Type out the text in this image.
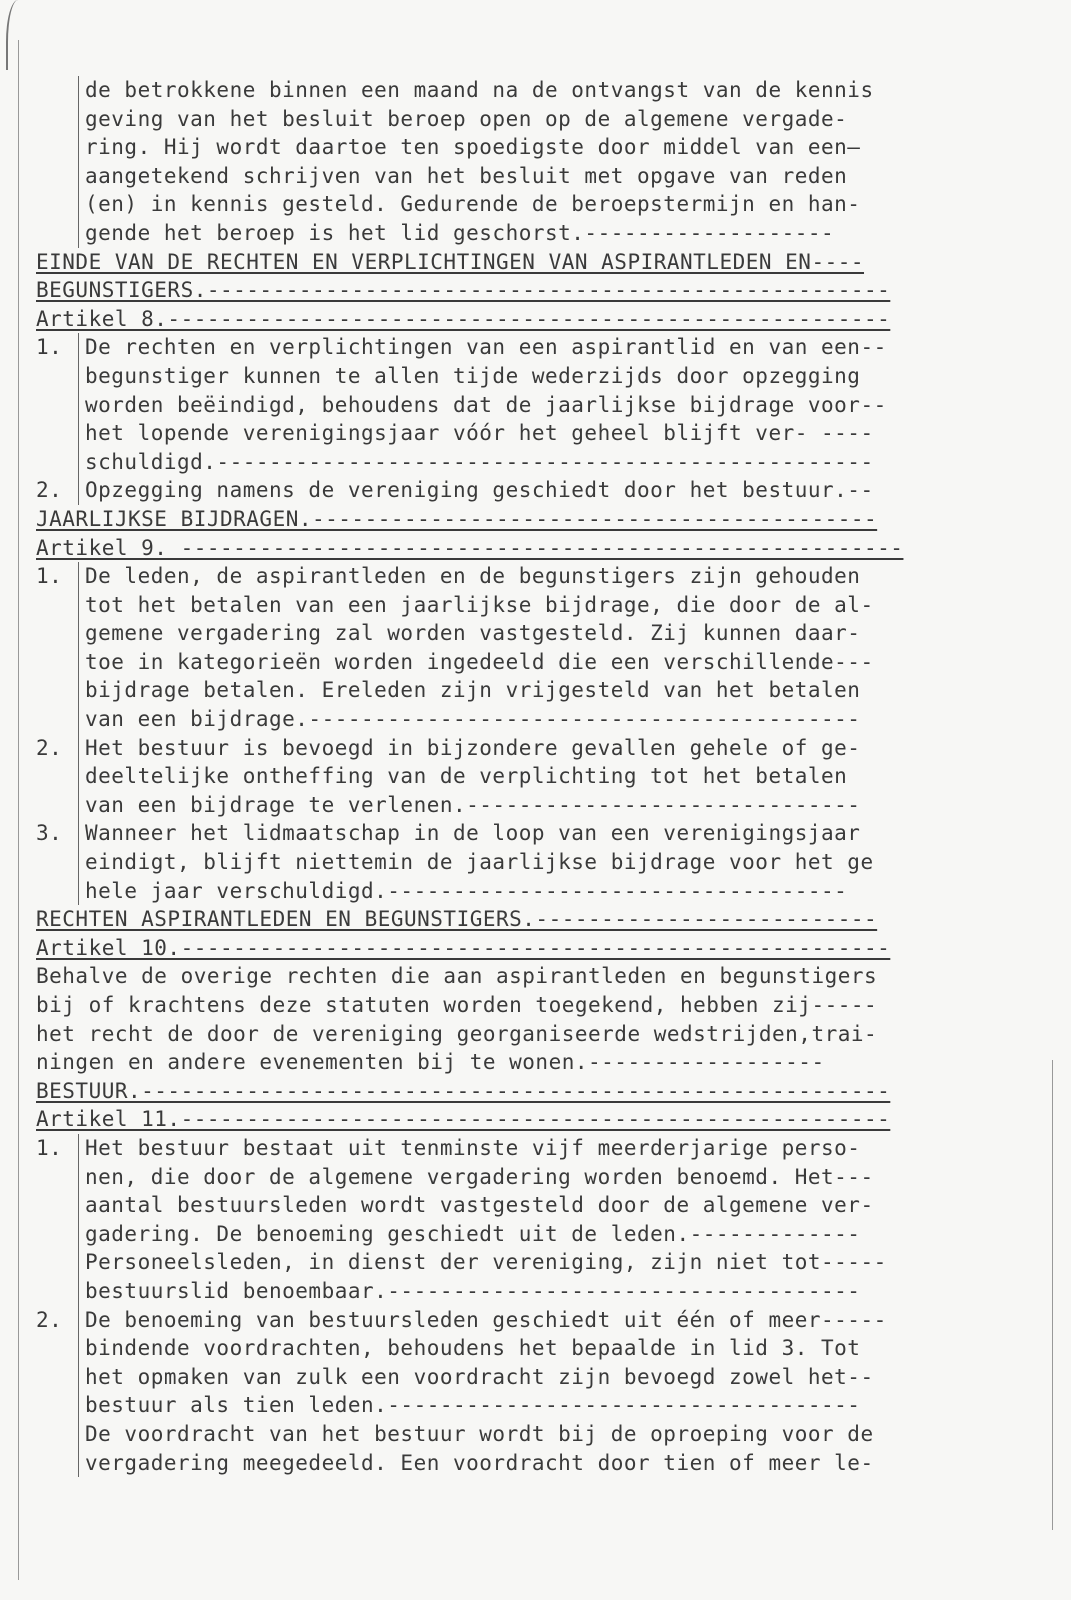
de betrokkene binnen een maand na de ontvangst van de kennis
geving van het besluit beroep open op de algemene vergade-
ring. Hij wordt daartoe ten spoedigste door middel van een—
aangetekend schrijven van het besluit met opgave van reden
(en) in kennis gesteld. Gedurende de beroepstermijn en han-
gende het beroep is het lid geschorst.-------------------
EINDE VAN DE RECHTEN EN VERPLICHTINGEN VAN ASPIRANTLEDEN EN----
BEGUNSTIGERS.----------------------------------------------------
Artikel 8.-------------------------------------------------------
1.	De rechten en verplichtingen van een aspirantlid en van een--
begunstiger kunnen te allen tijde wederzijds door opzegging
worden beëindigd, behoudens dat de jaarlijkse bijdrage voor--
het lopende verenigingsjaar vóór het geheel blijft ver- ----
schuldigd.--------------------------------------------------
2.	Opzegging namens de vereniging geschiedt door het bestuur.--
JAARLIJKSE BIJDRAGEN.-------------------------------------------
Artikel 9. -------------------------------------------------------
1.	De leden, de aspirantleden en de begunstigers zijn gehouden
tot het betalen van een jaarlijkse bijdrage, die door de al-
gemene vergadering zal worden vastgesteld. Zij kunnen daar-
toe in kategorieën worden ingedeeld die een verschillende---
bijdrage betalen. Ereleden zijn vrijgesteld van het betalen
van een bijdrage.------------------------------------------
2.	Het bestuur is bevoegd in bijzondere gevallen gehele of ge-
deeltelijke ontheffing van de verplichting tot het betalen
van een bijdrage te verlenen.------------------------------
3.	Wanneer het lidmaatschap in de loop van een verenigingsjaar
eindigt, blijft niettemin de jaarlijkse bijdrage voor het ge
hele jaar verschuldigd.-----------------------------------
RECHTEN ASPIRANTLEDEN EN BEGUNSTIGERS.--------------------------
Artikel 10.------------------------------------------------------
Behalve de overige rechten die aan aspirantleden en begunstigers
bij of krachtens deze statuten worden toegekend, hebben zij-----
het recht de door de vereniging georganiseerde wedstrijden,trai-
ningen en andere evenementen bij te wonen.------------------
BESTUUR.---------------------------------------------------------
Artikel 11.------------------------------------------------------
1.	Het bestuur bestaat uit tenminste vijf meerderjarige perso-
nen, die door de algemene vergadering worden benoemd. Het---
aantal bestuursleden wordt vastgesteld door de algemene ver-
gadering. De benoeming geschiedt uit de leden.-------------
Personeelsleden, in dienst der vereniging, zijn niet tot-----
bestuurslid benoembaar.------------------------------------
2.	De benoeming van bestuursleden geschiedt uit één of meer-----
bindende voordrachten, behoudens het bepaalde in lid 3. Tot
het opmaken van zulk een voordracht zijn bevoegd zowel het--
bestuur als tien leden.------------------------------------
De voordracht van het bestuur wordt bij de oproeping voor de
vergadering meegedeeld. Een voordracht door tien of meer le-
